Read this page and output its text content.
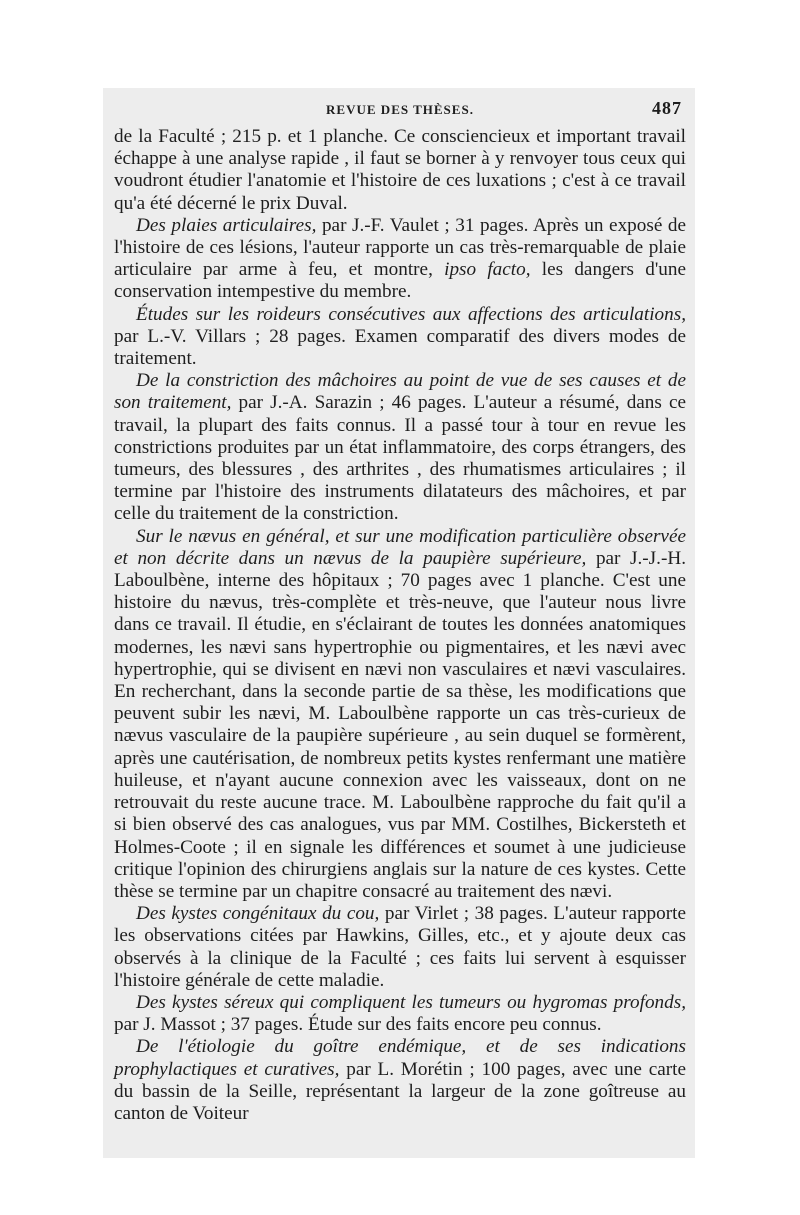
REVUE DES THÈSES.	487

de la Faculté ; 215 p. et 1 planche. Ce consciencieux et important travail échappe à une analyse rapide , il faut se borner à y renvoyer tous ceux qui voudront étudier l'anatomie et l'histoire de ces luxations ; c'est à ce travail qu'a été décerné le prix Duval.

Des plaies articulaires, par J.-F. Vaulet ; 31 pages. Après un exposé de l'histoire de ces lésions, l'auteur rapporte un cas très-remarquable de plaie articulaire par arme à feu, et montre, ipso facto, les dangers d'une conservation intempestive du membre.

Études sur les roideurs consécutives aux affections des articulations, par L.-V. Villars ; 28 pages. Examen comparatif des divers modes de traitement.

De la constriction des mâchoires au point de vue de ses causes et de son traitement, par J.-A. Sarazin ; 46 pages. L'auteur a résumé, dans ce travail, la plupart des faits connus. Il a passé tour à tour en revue les constrictions produites par un état inflammatoire, des corps étrangers, des tumeurs, des blessures , des arthrites , des rhumatismes articulaires ; il termine par l'histoire des instruments dilatateurs des mâchoires, et par celle du traitement de la constriction.

Sur le nævus en général, et sur une modification particulière observée et non décrite dans un nævus de la paupière supérieure, par J.-J.-H. Laboulbène, interne des hôpitaux ; 70 pages avec 1 planche. C'est une histoire du nævus, très-complète et très-neuve, que l'auteur nous livre dans ce travail. Il étudie, en s'éclairant de toutes les données anatomiques modernes, les nævi sans hypertrophie ou pigmentaires, et les nævi avec hypertrophie, qui se divisent en nævi non vasculaires et nævi vasculaires. En recherchant, dans la seconde partie de sa thèse, les modifications que peuvent subir les nævi, M. Laboulbène rapporte un cas très-curieux de nævus vasculaire de la paupière supérieure , au sein duquel se formèrent, après une cautérisation, de nombreux petits kystes renfermant une matière huileuse, et n'ayant aucune connexion avec les vaisseaux, dont on ne retrouvait du reste aucune trace. M. Laboulbène rapproche du fait qu'il a si bien observé des cas analogues, vus par MM. Costilhes, Bickersteth et Holmes-Coote ; il en signale les différences et soumet à une judicieuse critique l'opinion des chirurgiens anglais sur la nature de ces kystes. Cette thèse se termine par un chapitre consacré au traitement des nævi.

Des kystes congénitaux du cou, par Virlet ; 38 pages. L'auteur rapporte les observations citées par Hawkins, Gilles, etc., et y ajoute deux cas observés à la clinique de la Faculté ; ces faits lui servent à esquisser l'histoire générale de cette maladie.

Des kystes séreux qui compliquent les tumeurs ou hygromas profonds, par J. Massot ; 37 pages. Étude sur des faits encore peu connus.

De l'étiologie du goître endémique, et de ses indications prophylactiques et curatives, par L. Morétin ; 100 pages, avec une carte du bassin de la Seille, représentant la largeur de la zone goîtreuse au canton de Voiteur
